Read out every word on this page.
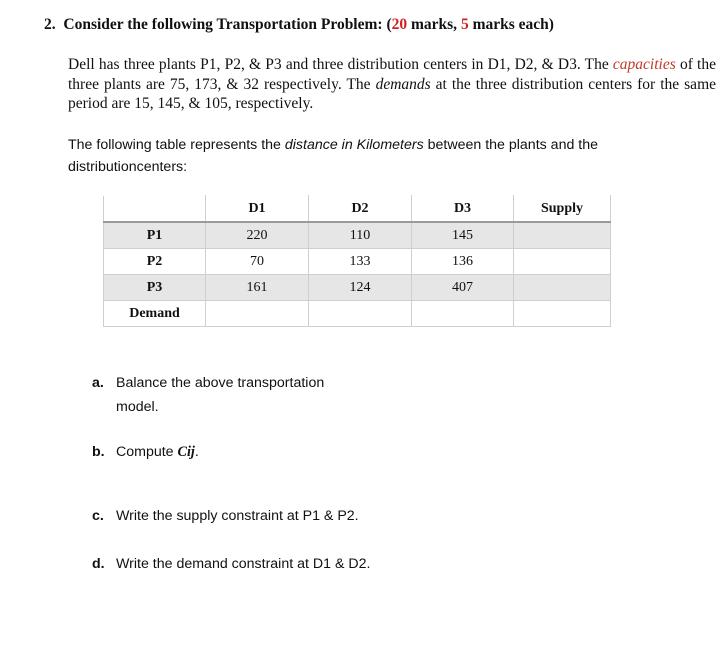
2. Consider the following Transportation Problem: (20 marks, 5 marks each)
Dell has three plants P1, P2, & P3 and three distribution centers in D1, D2, & D3. The capacities of the three plants are 75, 173, & 32 respectively. The demands at the three distribution centers for the same period are 15, 145, & 105, respectively.
The following table represents the distance in Kilometers between the plants and the distributioncenters:
	D1	D2	D3	Supply
P1	220	110	145	
P2	70	133	136	
P3	161	124	407	
Demand				
a. Balance the above transportation model.
b. Compute Cij.
c. Write the supply constraint at P1 & P2.
d. Write the demand constraint at D1 & D2.
